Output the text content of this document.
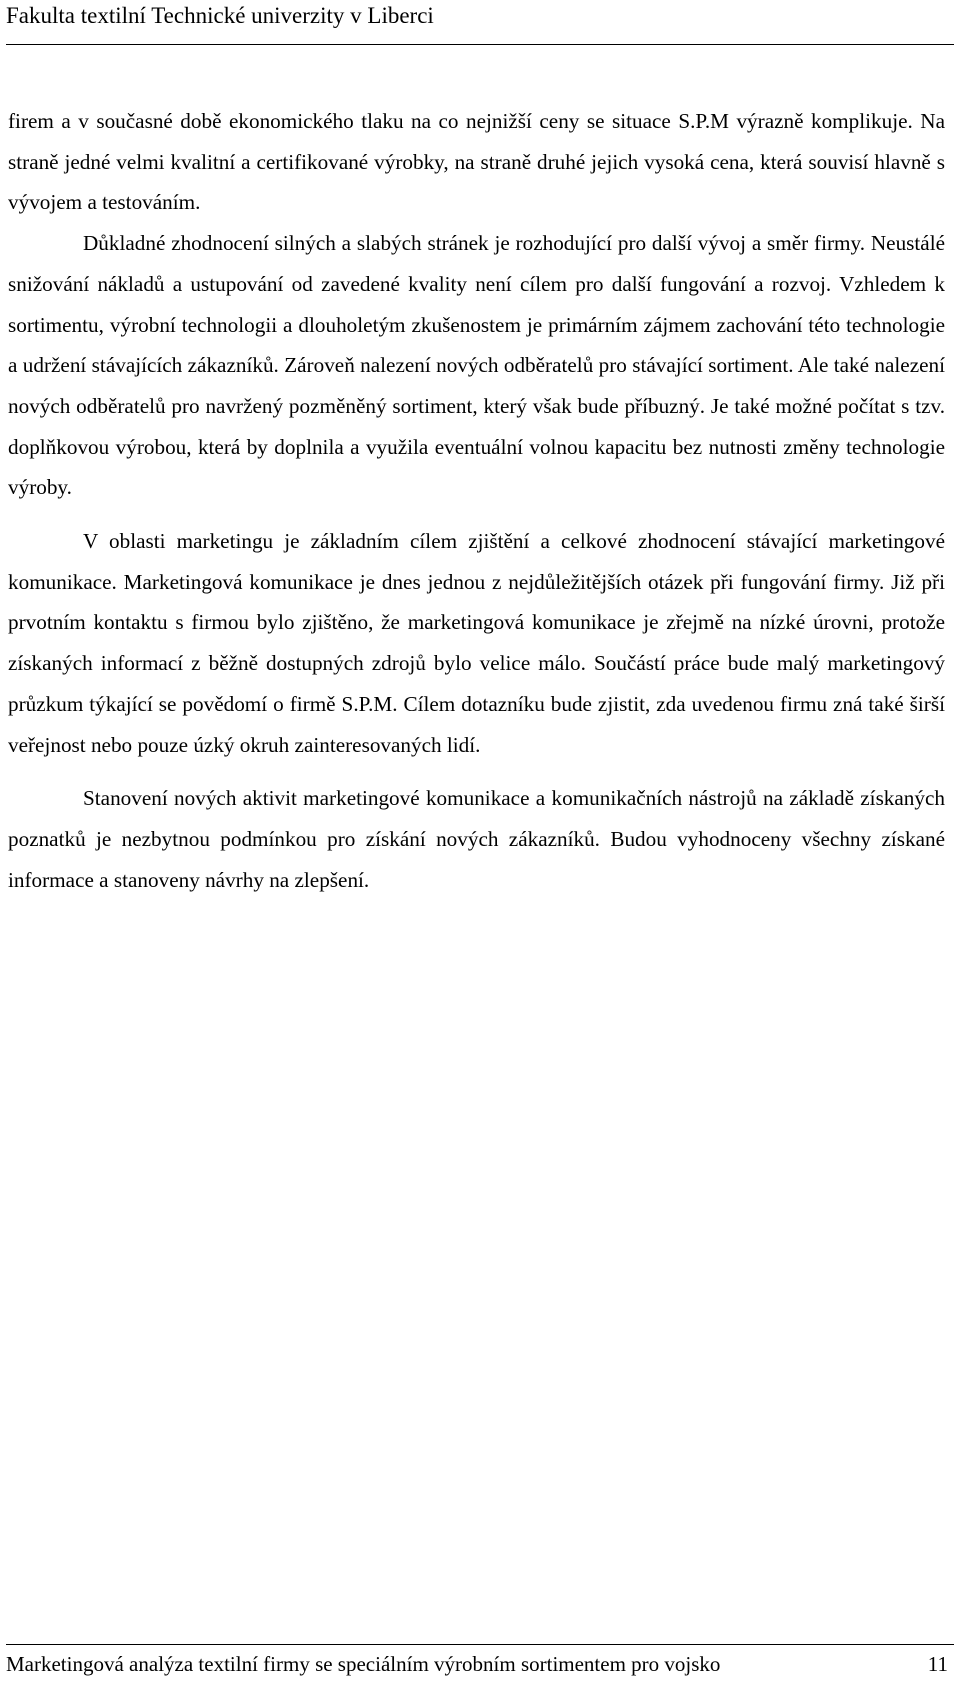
Fakulta textilní Technické univerzity v Liberci

firem a v současné době ekonomického tlaku na co nejnižší ceny se situace S.P.M výrazně komplikuje. Na straně jedné velmi kvalitní a certifikované výrobky, na straně druhé jejich vysoká cena, která souvisí hlavně s vývojem a testováním.

Důkladné zhodnocení silných a slabých stránek je rozhodující pro další vývoj a směr firmy. Neustálé snižování nákladů a ustupování od zavedené kvality není cílem pro další fungování a rozvoj. Vzhledem k sortimentu, výrobní technologii a dlouholetým zkušenostem je primárním zájmem zachování této technologie a udržení stávajících zákazníků. Zároveň nalezení nových odběratelů pro stávající sortiment. Ale také nalezení nových odběratelů pro navržený pozměněný sortiment, který však bude příbuzný. Je také možné počítat s tzv. doplňkovou výrobou, která by doplnila a využila eventuální volnou kapacitu bez nutnosti změny technologie výroby.

V oblasti marketingu je základním cílem zjištění a celkové zhodnocení stávající marketingové komunikace. Marketingová komunikace je dnes jednou z nejdůležitějších otázek při fungování firmy. Již při prvotním kontaktu s firmou bylo zjištěno, že marketingová komunikace je zřejmě na nízké úrovni, protože získaných informací z běžně dostupných zdrojů bylo velice málo. Součástí práce bude malý marketingový průzkum týkající se povědomí o firmě S.P.M. Cílem dotazníku bude zjistit, zda uvedenou firmu zná také širší veřejnost nebo pouze úzký okruh zainteresovaných lidí.

Stanovení nových aktivit marketingové komunikace a komunikačních nástrojů na základě získaných poznatků je nezbytnou podmínkou pro získání nových zákazníků. Budou vyhodnoceny všechny získané informace a stanoveny návrhy na zlepšení.

Marketingová analýza textilní firmy se speciálním výrobním sortimentem pro vojsko	11
